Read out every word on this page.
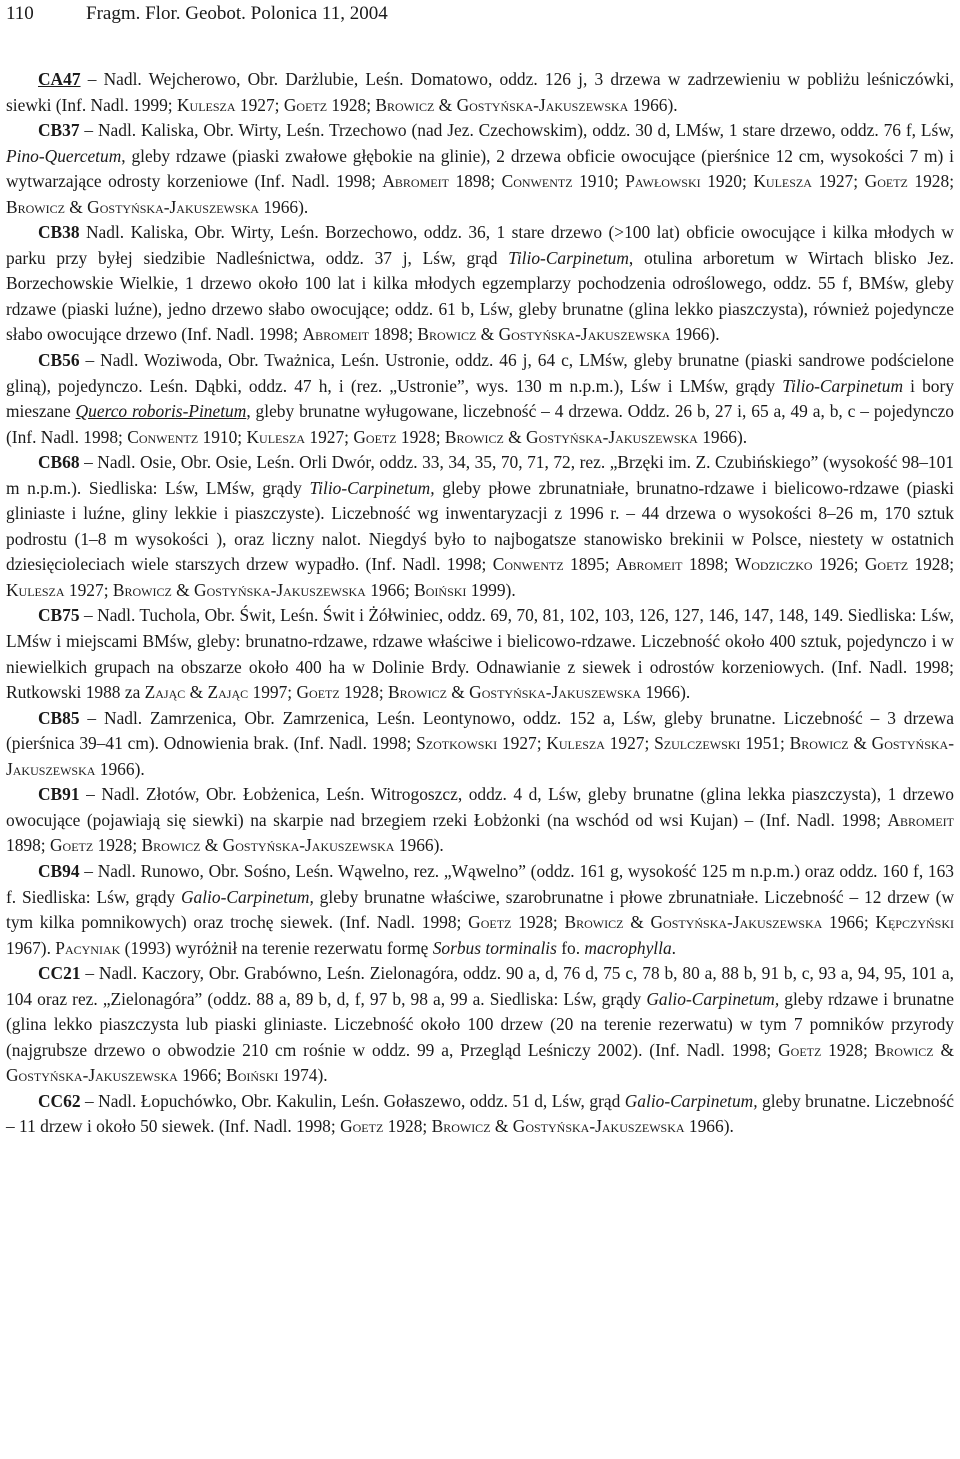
110	Fragm. Flor. Geobot. Polonica 11, 2004

CA47 – Nadl. Wejcherowo, Obr. Darżlubie, Leśn. Domatowo, oddz. 126 j, 3 drzewa w zadrzewieniu w pobliżu leśniczówki, siewki (Inf. Nadl. 1999; Kulesza 1927; Goetz 1928; Browicz & Gostyńska-Jakuszewska 1966).

CB37 – Nadl. Kaliska, Obr. Wirty, Leśn. Trzechowo (nad Jez. Czechowskim), oddz. 30 d, LMśw, 1 stare drzewo, oddz. 76 f, Lśw, Pino-Quercetum, gleby rdzawe (piaski zwałowe głębokie na glinie), 2 drzewa obficie owocujące (pierśnice 12 cm, wysokości 7 m) i wytwarzające odrosty korzeniowe (Inf. Nadl. 1998; Abromeit 1898; Conwentz 1910; Pawłowski 1920; Kulesza 1927; Goetz 1928; Browicz & Gostyńska-Jakuszewska 1966).

CB38 Nadl. Kaliska, Obr. Wirty, Leśn. Borzechowo, oddz. 36, 1 stare drzewo (>100 lat) obficie owocujące i kilka młodych w parku przy byłej siedzibie Nadleśnictwa, oddz. 37 j, Lśw, grąd Tilio-Carpinetum, otulina arboretum w Wirtach blisko Jez. Borzechowskie Wielkie, 1 drzewo około 100 lat i kilka młodych egzemplarzy pochodzenia odroślowego, oddz. 55 f, BMśw, gleby rdzawe (piaski luźne), jedno drzewo słabo owocujące; oddz. 61 b, Lśw, gleby brunatne (glina lekko piaszczysta), również pojedyncze słabo owocujące drzewo (Inf. Nadl. 1998; Abromeit 1898; Browicz & Gostyńska-Jakuszewska 1966).

CB56 – Nadl. Woziwoda, Obr. Tważnica, Leśn. Ustronie, oddz. 46 j, 64 c, LMśw, gleby brunatne (piaski sandrowe podścielone gliną), pojedynczo. Leśn. Dąbki, oddz. 47 h, i (rez. „Ustronie”, wys. 130 m n.p.m.), Lśw i LMśw, grądy Tilio-Carpinetum i bory mieszane Querco roboris-Pinetum, gleby brunatne wyługowane, liczebność – 4 drzewa. Oddz. 26 b, 27 i, 65 a, 49 a, b, c – pojedynczo (Inf. Nadl. 1998; Conwentz 1910; Kulesza 1927; Goetz 1928; Browicz & Gostyńska-Jakuszewska 1966).

CB68 – Nadl. Osie, Obr. Osie, Leśn. Orli Dwór, oddz. 33, 34, 35, 70, 71, 72, rez. „Brzęki im. Z. Czubińskiego” (wysokość 98–101 m n.p.m.). Siedliska: Lśw, LMśw, grądy Tilio-Carpinetum, gleby płowe zbrunatniałe, brunatno-rdzawe i bielicowo-rdzawe (piaski gliniaste i luźne, gliny lekkie i piaszczyste). Liczebność wg inwentaryzacji z 1996 r. – 44 drzewa o wysokości 8–26 m, 170 sztuk podrostu (1–8 m wysokości ), oraz liczny nalot. Niegdyś było to najbogatsze stanowisko brekinii w Polsce, niestety w ostatnich dziesięcioleciach wiele starszych drzew wypadło. (Inf. Nadl. 1998; Conwentz 1895; Abromeit 1898; Wodziczko 1926; Goetz 1928; Kulesza 1927; Browicz & Gostyńska-Jakuszewska 1966; Boiński 1999).

CB75 – Nadl. Tuchola, Obr. Świt, Leśn. Świt i Żółwiniec, oddz. 69, 70, 81, 102, 103, 126, 127, 146, 147, 148, 149. Siedliska: Lśw, LMśw i miejscami BMśw, gleby: brunatno-rdzawe, rdzawe właściwe i bielicowo-rdzawe. Liczebność około 400 sztuk, pojedynczo i w niewielkich grupach na obszarze około 400 ha w Dolinie Brdy. Odnawianie z siewek i odrostów korzeniowych. (Inf. Nadl. 1998; Rutkowski 1988 za Zając & Zając 1997; Goetz 1928; Browicz & Gostyńska-Jakuszewska 1966).

CB85 – Nadl. Zamrzenica, Obr. Zamrzenica, Leśn. Leontynowo, oddz. 152 a, Lśw, gleby brunatne. Liczebność – 3 drzewa (pierśnica 39–41 cm). Odnowienia brak. (Inf. Nadl. 1998; Szotkowski 1927; Kulesza 1927; Szulczewski 1951; Browicz & Gostyńska-Jakuszewska 1966).

CB91 – Nadl. Złotów, Obr. Łobżenica, Leśn. Witrogoszcz, oddz. 4 d, Lśw, gleby brunatne (glina lekka piaszczysta), 1 drzewo owocujące (pojawiają się siewki) na skarpie nad brzegiem rzeki Łobżonki (na wschód od wsi Kujan) – (Inf. Nadl. 1998; Abromeit 1898; Goetz 1928; Browicz & Gostyńska-Jakuszewska 1966).

CB94 – Nadl. Runowo, Obr. Sośno, Leśn. Wąwelno, rez. „Wąwelno” (oddz. 161 g, wysokość 125 m n.p.m.) oraz oddz. 160 f, 163 f. Siedliska: Lśw, grądy Galio-Carpinetum, gleby brunatne właściwe, szarobrunatne i płowe zbrunatniałe. Liczebność – 12 drzew (w tym kilka pomnikowych) oraz trochę siewek. (Inf. Nadl. 1998; Goetz 1928; Browicz & Gostyńska-Jakuszewska 1966; Kępczyński 1967). Pacyniak (1993) wyróżnił na terenie rezerwatu formę Sorbus torminalis fo. macrophylla.

CC21 – Nadl. Kaczory, Obr. Grabówno, Leśn. Zielonagóra, oddz. 90 a, d, 76 d, 75 c, 78 b, 80 a, 88 b, 91 b, c, 93 a, 94, 95, 101 a, 104 oraz rez. „Zielonagóra” (oddz. 88 a, 89 b, d, f, 97 b, 98 a, 99 a. Siedliska: Lśw, grądy Galio-Carpinetum, gleby rdzawe i brunatne (glina lekko piaszczysta lub piaski gliniaste. Liczebność około 100 drzew (20 na terenie rezerwatu) w tym 7 pomników przyrody (najgrubsze drzewo o obwodzie 210 cm rośnie w oddz. 99 a, Przegląd Leśniczy 2002). (Inf. Nadl. 1998; Goetz 1928; Browicz & Gostyńska-Jakuszewska 1966; Boiński 1974).

CC62 – Nadl. Łopuchówko, Obr. Kakulin, Leśn. Gołaszewo, oddz. 51 d, Lśw, grąd Galio-Carpinetum, gleby brunatne. Liczebność – 11 drzew i około 50 siewek. (Inf. Nadl. 1998; Goetz 1928; Browicz & Gostyńska-Jakuszewska 1966).
